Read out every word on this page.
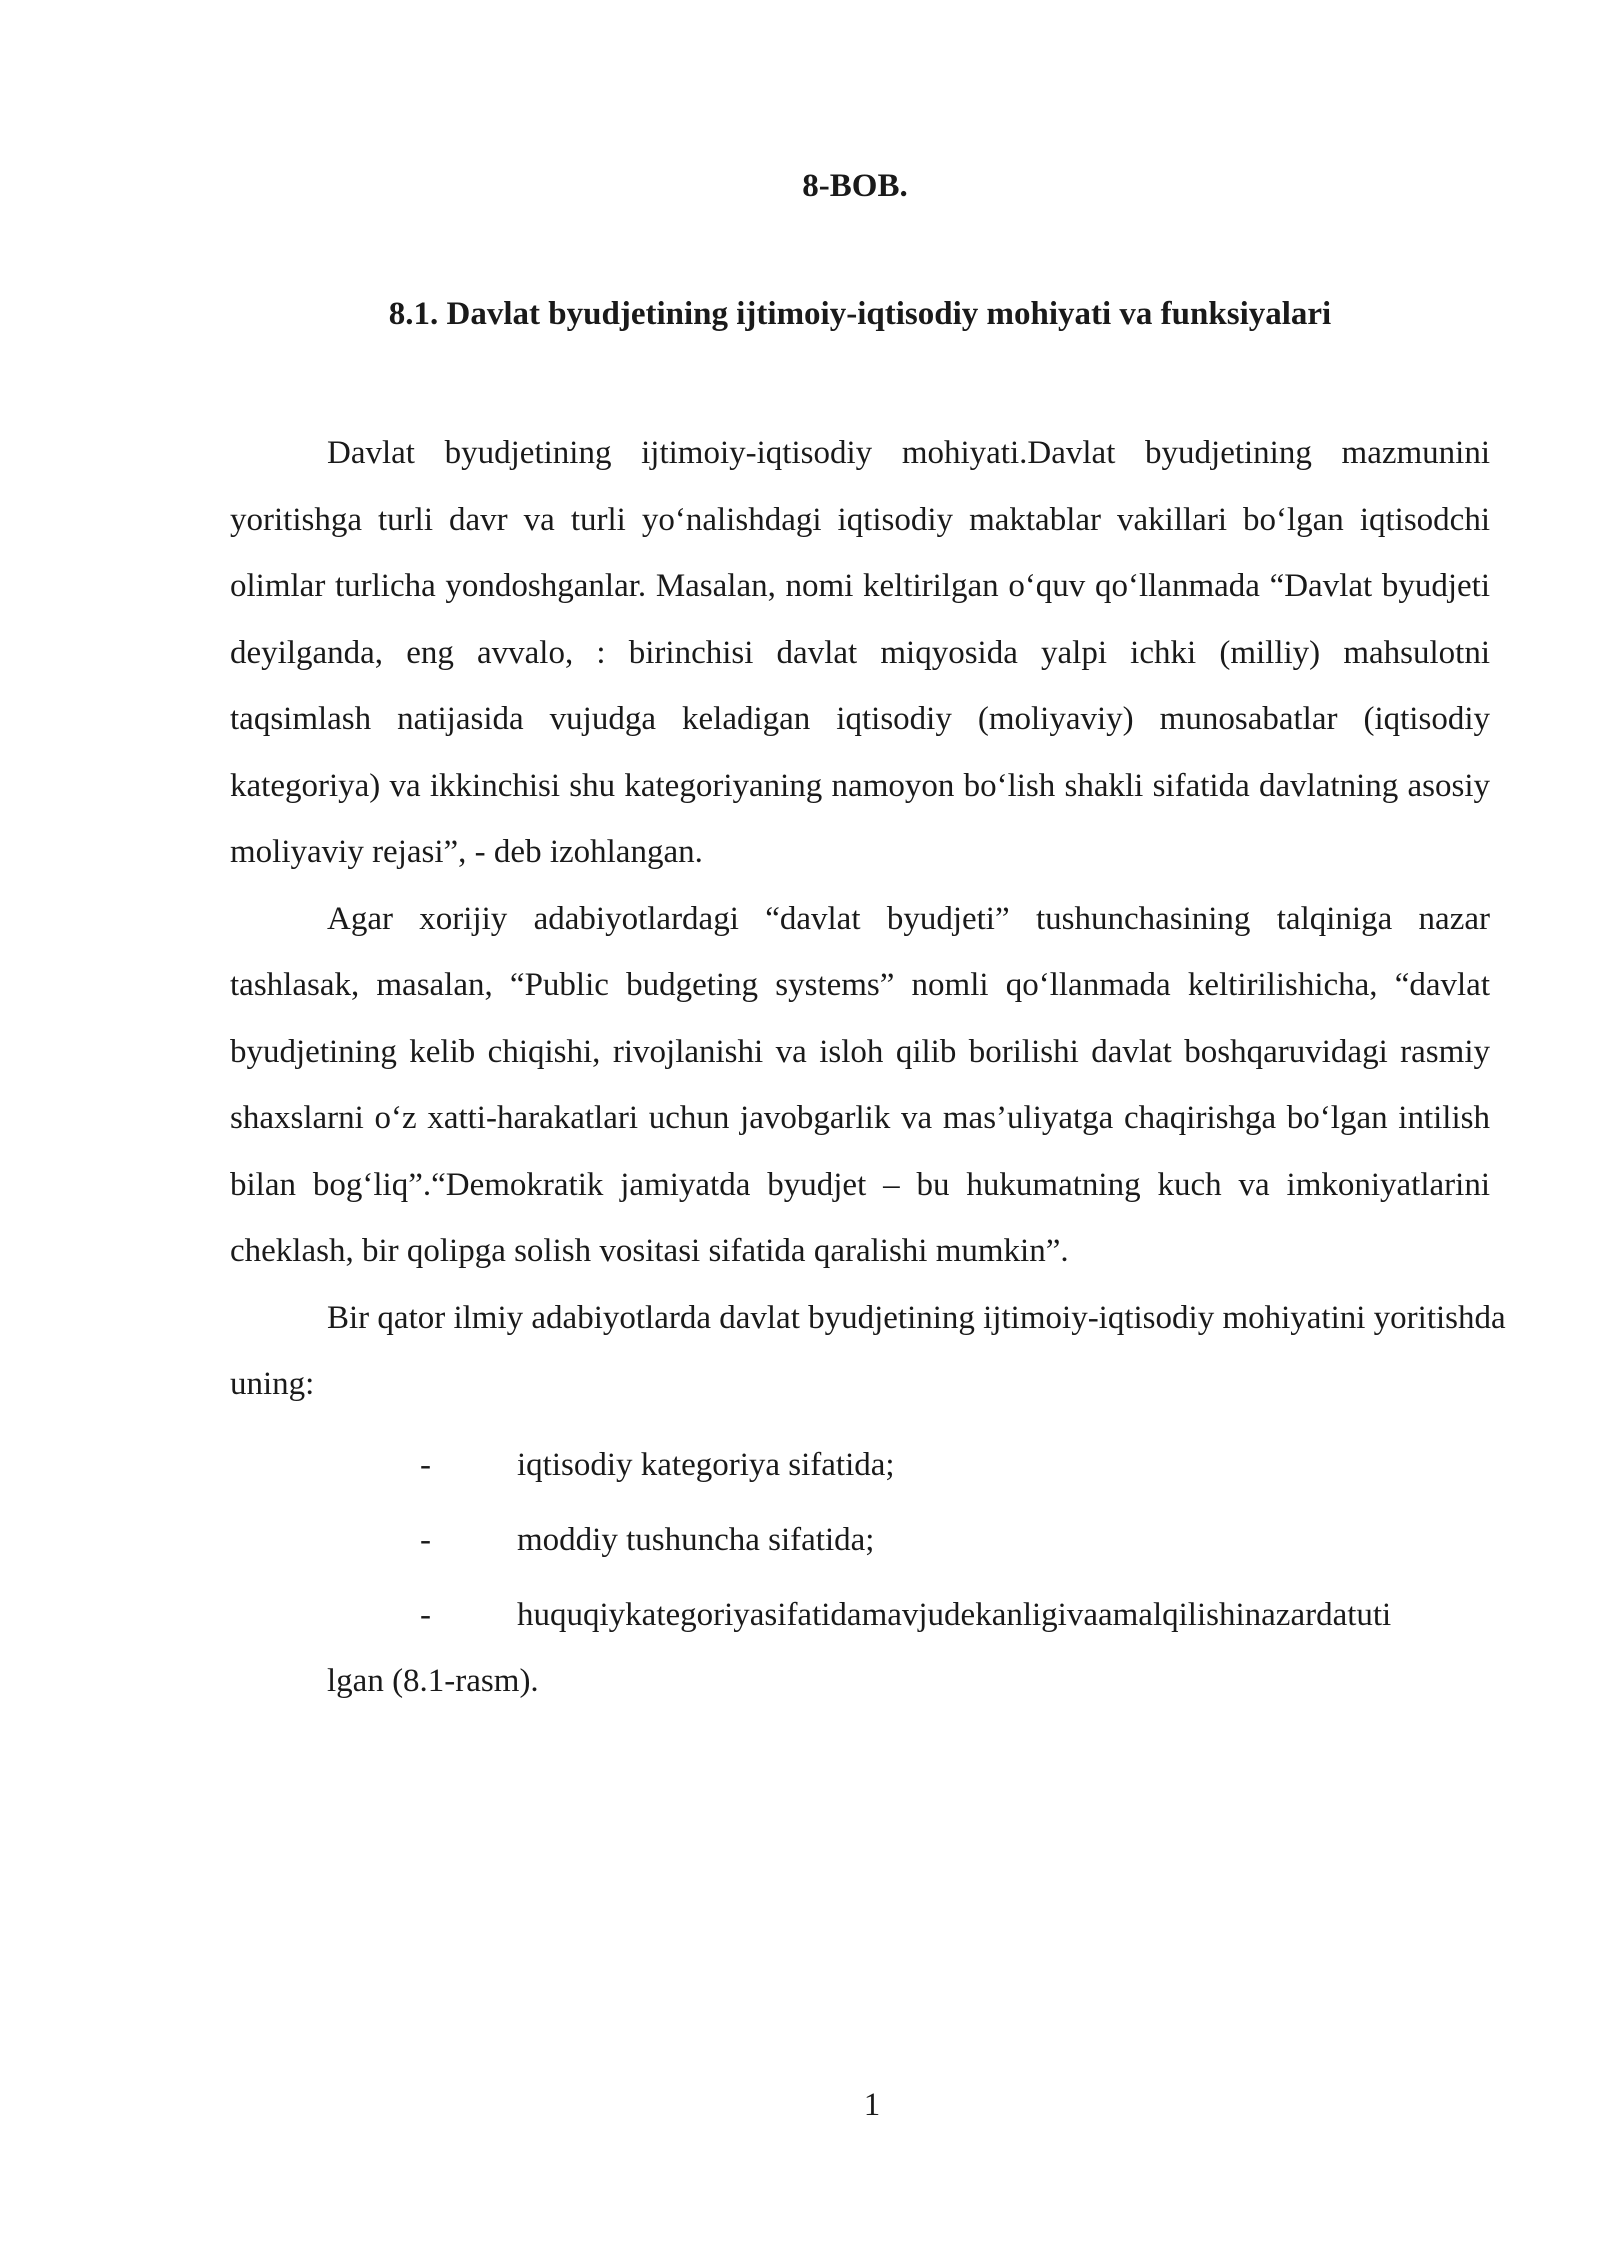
8-BOB.
8.1. Davlat byudjetining ijtimoiy-iqtisodiy mohiyati va funksiyalari

Davlat byudjetining ijtimoiy-iqtisodiy mohiyati.Davlat byudjetining mazmunini yoritishga turli davr va turli yo‘nalishdagi iqtisodiy maktablar vakillari bo‘lgan iqtisodchi olimlar turlicha yondoshganlar. Masalan, nomi keltirilgan o‘quv qo‘llanmada “Davlat byudjeti deyilganda, eng avvalo, : birinchisi davlat miqyosida yalpi ichki (milliy) mahsulotni taqsimlash natijasida vujudga keladigan iqtisodiy (moliyaviy) munosabatlar (iqtisodiy kategoriya) va ikkinchisi shu kategoriyaning namoyon bo‘lish shakli sifatida davlatning asosiy moliyaviy rejasi”, - deb izohlangan.

Agar xorijiy adabiyotlardagi “davlat byudjeti” tushunchasining talqiniga nazar tashlasak, masalan, “Public budgeting systems” nomli qo‘llanmada keltirilishicha, “davlat byudjetining kelib chiqishi, rivojlanishi va isloh qilib borilishi davlat boshqaruvidagi rasmiy shaxslarni o‘z xatti-harakatlari uchun javobgarlik va mas’uliyatga chaqirishga bo‘lgan intilish bilan bog‘liq”.“Demokratik jamiyatda byudjet – bu hukumatning kuch va imkoniyatlarini cheklash, bir qolipga solish vositasi sifatida qaralishi mumkin”.

Bir qator ilmiy adabiyotlarda davlat byudjetining ijtimoiy-iqtisodiy mohiyatini yoritishda uning:

-	iqtisodiy kategoriya sifatida;
-	moddiy tushuncha sifatida;
-	huquqiykategoriyasifatidamavjudekanligivaamalqilishinazardatuti
lgan (8.1-rasm).
1
